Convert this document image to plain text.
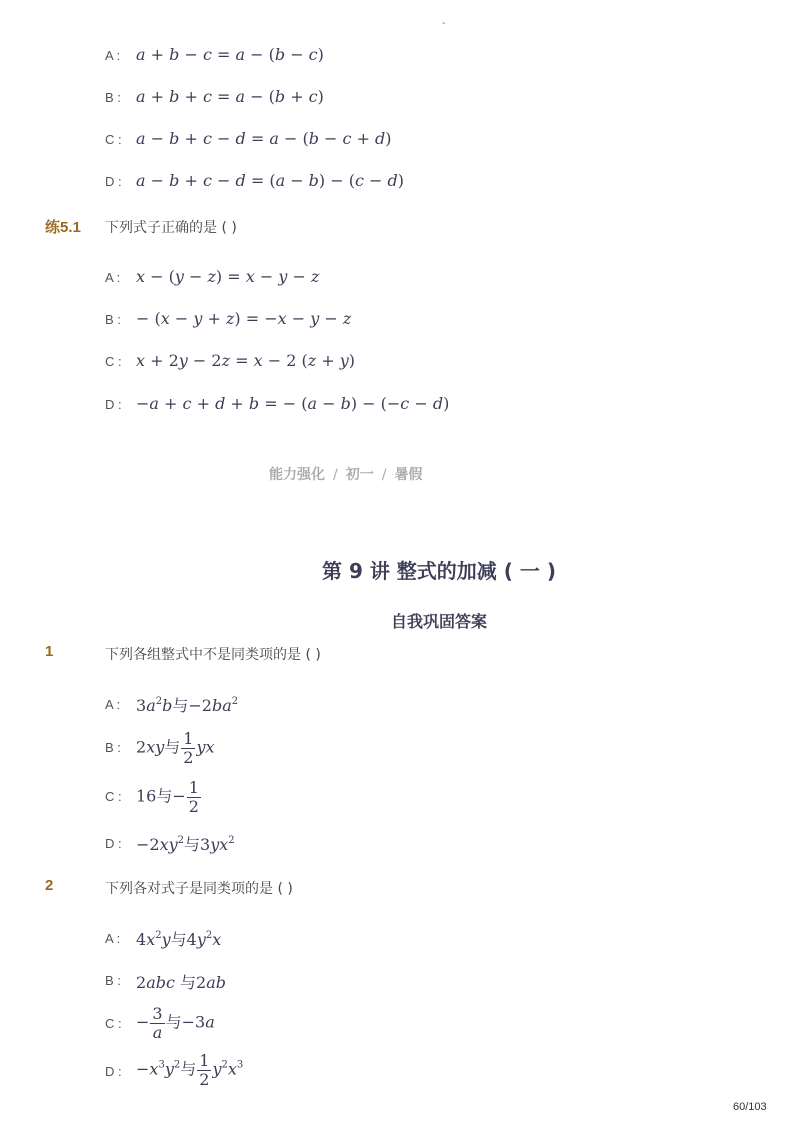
-
A : a + b − c = a − (b − c)
B : a + b + c = a − (b + c)
C : a − b + c − d = a − (b − c + d)
D : a − b + c − d = (a − b) − (c − d)
练5.1 下列式子正确的是 ( )
A : x − (y − z) = x − y − z
B : − (x − y + z) = −x − y − z
C : x + 2y − 2z = x − 2 (z + y)
D : −a + c + d + b = − (a − b) − (−c − d)
能力强化 / 初一 / 暑假
第 9 讲 整式的加减 ( 一 )
自我巩固答案
1	下列各组整式中不是同类项的是 ( )
A : $3a^2b$与$-2ba^2$
B : 2xy与 $\frac{1}{2}$ yx
C : 16与− $\frac{1}{2}$
D : $-2xy^2$与$3yx^2$
2	下列各对式子是同类项的是 ( )
A : $4x^2y$与$4y^2x$
B : 2abc 与2ab
C : − $\frac{3}{a}$ 与−3a
D : $-x^3y^2$与 $\frac{1}{2} y^2x^3$
60/103
